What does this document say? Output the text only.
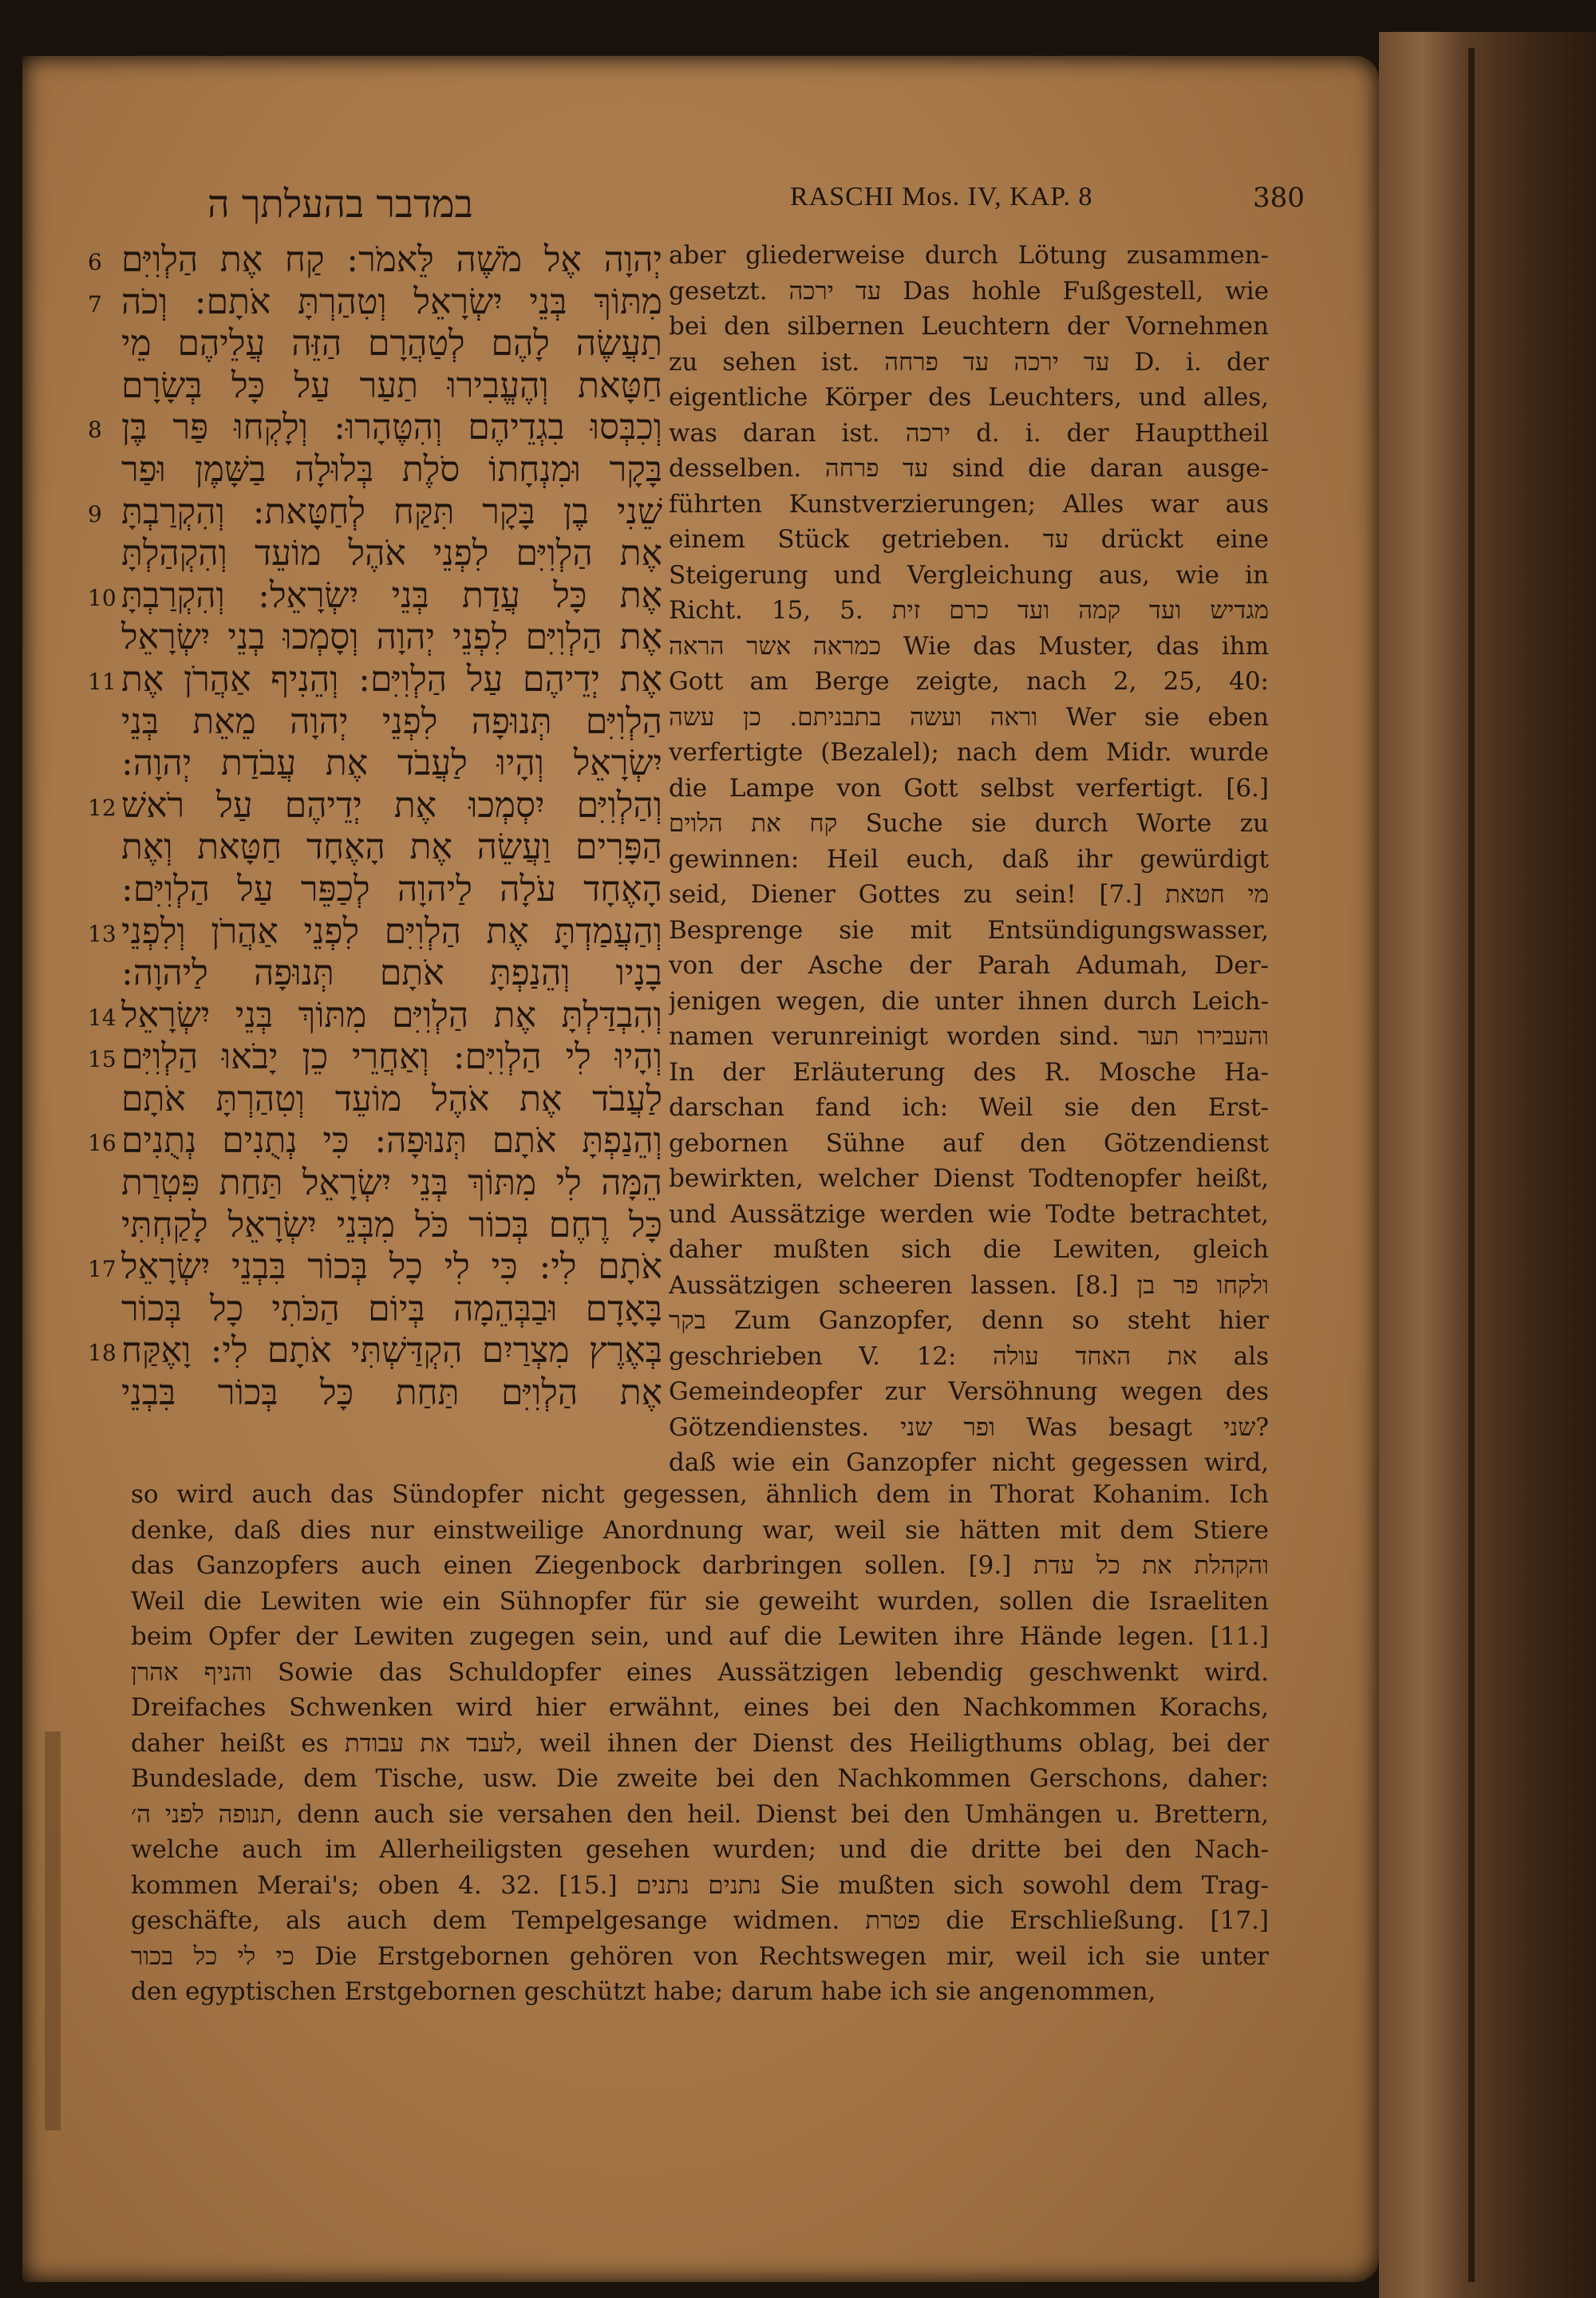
במדבר בהעלתך ה	RASCHI Mos. IV, KAP. 8	380
6 יְהוָה אֶל מֹשֶׁה לֵּאמֹר: קַח אֶת הַלְוִיִּם
7 מִתּוֹךְ בְּנֵי יִשְׂרָאֵל וְטִהַרְתָּ אֹתָם: וְכֹה
תַעֲשֶׂה לָהֶם לְטַהֲרָם הַזֵּה עֲלֵיהֶם מֵי
חַטָּאת וְהֶעֱבִירוּ תַעַר עַל כָּל בְּשָׂרָם
8 וְכִבְּסוּ בִגְדֵיהֶם וְהִטֶּהָרוּ: וְלָקְחוּ פַּר בֶּן
בָּקָר וּמִנְחָתוֹ סֹלֶת בְּלוּלָה בַשָּׁמֶן וּפַר
9 שֵׁנִי בֶן בָּקָר תִּקַּח לְחַטָּאת: וְהִקְרַבְתָּ
אֶת הַלְוִיִּם לִפְנֵי אֹהֶל מוֹעֵד וְהִקְהַלְתָּ
10 אֶת כָּל עֲדַת בְּנֵי יִשְׂרָאֵל: וְהִקְרַבְתָּ
אֶת הַלְוִיִּם לִפְנֵי יְהוָה וְסָמְכוּ בְנֵי יִשְׂרָאֵל
11 אֶת יְדֵיהֶם עַל הַלְוִיִּם: וְהֵנִיף אַהֲרֹן אֶת
הַלְוִיִּם תְּנוּפָה לִפְנֵי יְהוָה מֵאֵת בְּנֵי
יִשְׂרָאֵל וְהָיוּ לַעֲבֹד אֶת עֲבֹדַת יְהוָה:
12 וְהַלְוִיִּם יִסְמְכוּ אֶת יְדֵיהֶם עַל רֹאשׁ
הַפָּרִים וַעֲשֵׂה אֶת הָאֶחָד חַטָּאת וְאֶת
הָאֶחָד עֹלָה לַיהוָה לְכַפֵּר עַל הַלְוִיִּם:
13 וְהַעֲמַדְתָּ אֶת הַלְוִיִּם לִפְנֵי אַהֲרֹן וְלִפְנֵי
בָנָיו וְהֵנַפְתָּ אֹתָם תְּנוּפָה לַיהוָה:
14 וְהִבְדַּלְתָּ אֶת הַלְוִיִּם מִתּוֹךְ בְּנֵי יִשְׂרָאֵל
15 וְהָיוּ לִי הַלְוִיִּם: וְאַחֲרֵי כֵן יָבֹאוּ הַלְוִיִּם
לַעֲבֹד אֶת אֹהֶל מוֹעֵד וְטִהַרְתָּ אֹתָם
16 וְהֵנַפְתָּ אֹתָם תְּנוּפָה: כִּי נְתֻנִים נְתֻנִים
הֵמָּה לִי מִתּוֹךְ בְּנֵי יִשְׂרָאֵל תַּחַת פִּטְרַת
כָּל רֶחֶם בְּכוֹר כֹּל מִבְּנֵי יִשְׂרָאֵל לָקַחְתִּי
17 אֹתָם לִי: כִּי לִי כָל בְּכוֹר בִּבְנֵי יִשְׂרָאֵל
בָּאָדָם וּבַבְּהֵמָה בְּיוֹם הַכֹּתִי כָל בְּכוֹר
18 בְּאֶרֶץ מִצְרַיִם הִקְדַּשְׁתִּי אֹתָם לִי: וָאֶקַּח
אֶת הַלְוִיִּם תַּחַת כָּל בְּכוֹר בִּבְנֵי
aber gliederweise durch Lötung zusammen-
gesetzt. עד ירכה Das hohle Fußgestell, wie
bei den silbernen Leuchtern der Vornehmen
zu sehen ist. עד ירכה עד פרחה D. i. der
eigentliche Körper des Leuchters, und alles,
was daran ist. ירכה d. i. der Haupttheil
desselben. עד פרחה sind die daran ausge-
führten Kunstverzierungen; Alles war aus
einem Stück getrieben. עד drückt eine
Steigerung und Vergleichung aus, wie in
Richt. 15, 5. מגדיש ועד קמה ועד כרם זית
כמראה אשר הראה Wie das Muster, das ihm
Gott am Berge zeigte, nach 2, 25, 40:
וראה ועשה בתבניתם. כן עשה Wer sie eben
verfertigte (Bezalel); nach dem Midr. wurde
die Lampe von Gott selbst verfertigt. [6.]
קח את הלוים Suche sie durch Worte zu
gewinnen: Heil euch, daß ihr gewürdigt
seid, Diener Gottes zu sein! [7.] מי חטאת
Besprenge sie mit Entsündigungswasser,
von der Asche der Parah Adumah, Der-
jenigen wegen, die unter ihnen durch Leich-
namen verunreinigt worden sind. והעבירו תער
In der Erläuterung des R. Mosche Ha-
darschan fand ich: Weil sie den Erst-
gebornen Sühne auf den Götzendienst
bewirkten, welcher Dienst Todtenopfer heißt,
und Aussätzige werden wie Todte betrachtet,
daher mußten sich die Lewiten, gleich
Aussätzigen scheeren lassen. [8.] ולקחו פר בן
בקר Zum Ganzopfer, denn so steht hier
geschrieben V. 12: את האחד עולה als
Gemeindeopfer zur Versöhnung wegen des
Götzendienstes. ופר שני Was besagt שני?
daß wie ein Ganzopfer nicht gegessen wird,
so wird auch das Sündopfer nicht gegessen, ähnlich dem in Thorat Kohanim. Ich
denke, daß dies nur einstweilige Anordnung war, weil sie hätten mit dem Stiere
das Ganzopfers auch einen Ziegenbock darbringen sollen. [9.] והקהלת את כל עדת
Weil die Lewiten wie ein Sühnopfer für sie geweiht wurden, sollen die Israeliten
beim Opfer der Lewiten zugegen sein, und auf die Lewiten ihre Hände legen. [11.]
והניף אהרן Sowie das Schuldopfer eines Aussätzigen lebendig geschwenkt wird.
Dreifaches Schwenken wird hier erwähnt, eines bei den Nachkommen Korachs,
daher heißt es לעבד את עבודת, weil ihnen der Dienst des Heiligthums oblag, bei der
Bundeslade, dem Tische, usw. Die zweite bei den Nachkommen Gerschons, daher:
תנופה לפני ה׳, denn auch sie versahen den heil. Dienst bei den Umhängen u. Brettern,
welche auch im Allerheiligsten gesehen wurden; und die dritte bei den Nach-
kommen Merai's; oben 4. 32. [15.] נתנים נתנים Sie mußten sich sowohl dem Trag-
geschäfte, als auch dem Tempelgesange widmen. פטרת die Erschließung. [17.]
כי לי כל בכור Die Erstgebornen gehören von Rechtswegen mir, weil ich sie unter
den egyptischen Erstgebornen geschützt habe; darum habe ich sie angenommen,
